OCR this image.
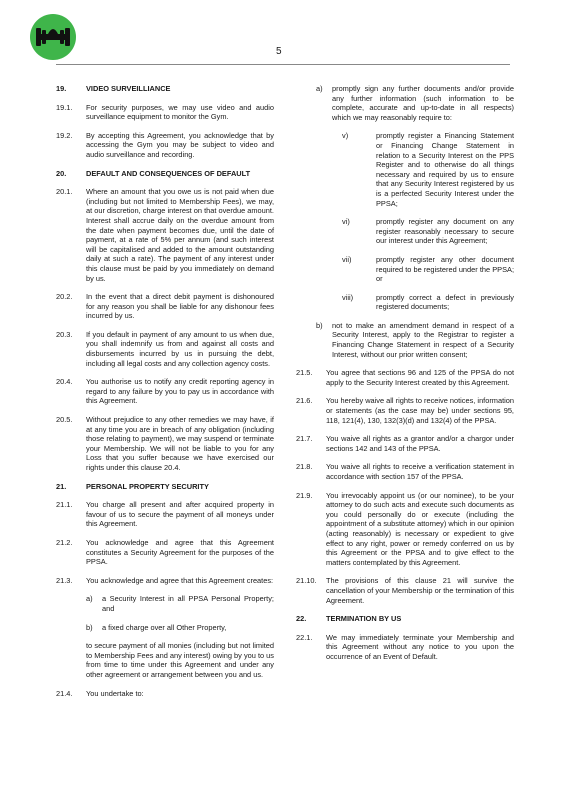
5
19.	VIDEO SURVEILLIANCE
19.1.	For security purposes, we may use video and audio surveillance equipment to monitor the Gym.
19.2.	By accepting this Agreement, you acknowledge that by accessing the Gym you may be subject to video and audio surveillance and recording.
20.	DEFAULT AND CONSEQUENCES OF DEFAULT
20.1.	Where an amount that you owe us is not paid when due (including but not limited to Membership Fees), we may, at our discretion, charge interest on that overdue amount. Interest shall accrue daily on the overdue amount from the date when payment becomes due, until the date of payment, at a rate of 5% per annum (and such interest will be capitalised and added to the amount outstanding daily at such a rate). The payment of any interest under this clause must be paid by you immediately on demand by us.
20.2.	In the event that a direct debit payment is dishonoured for any reason you shall be liable for any dishonour fees incurred by us.
20.3.	If you default in payment of any amount to us when due, you shall indemnify us from and against all costs and disbursements incurred by us in pursuing the debt, including all legal costs and any collection agency costs.
20.4.	You authorise us to notify any credit reporting agency in regard to any failure by you to pay us in accordance with this Agreement.
20.5.	Without prejudice to any other remedies we may have, if at any time you are in breach of any obligation (including those relating to payment), we may suspend or terminate your Membership. We will not be liable to you for any Loss that you suffer because we have exercised our rights under this clause 20.4.
21.	PERSONAL PROPERTY SECURITY
21.1.	You charge all present and after acquired property in favour of us to secure the payment of all moneys under this Agreement.
21.2.	You acknowledge and agree that this Agreement constitutes a Security Agreement for the purposes of the PPSA.
21.3.	You acknowledge and agree that this Agreement creates:
a)	a Security Interest in all PPSA Personal Property; and
b)	a fixed charge over all Other Property,
to secure payment of all monies (including but not limited to Membership Fees and any interest) owing by you to us from time to time under this Agreement and under any other agreement or arrangement between you and us.
21.4.	You undertake to:
a)	promptly sign any further documents and/or provide any further information (such information to be complete, accurate and up-to-date in all respects) which we may reasonably require to:
v)	promptly register a Financing Statement or Financing Change Statement in relation to a Security Interest on the PPS Register and to otherwise do all things necessary and required by us to ensure that any Security Interest registered by us is a perfected Security Interest under the PPSA;
vi)	promptly register any document on any register reasonably necessary to secure our interest under this Agreement;
vii)	promptly register any other document required to be registered under the PPSA; or
viii)	promptly correct a defect in previously registered documents;
b)	not to make an amendment demand in respect of a Security Interest, apply to the Registrar to register a Financing Change Statement in respect of a Security Interest, without our prior written consent;
21.5.	You agree that sections 96 and 125 of the PPSA do not apply to the Security Interest created by this Agreement.
21.6.	You hereby waive all rights to receive notices, information or statements (as the case may be) under sections 95, 118, 121(4), 130, 132(3)(d) and 132(4) of the PPSA.
21.7.	You waive all rights as a grantor and/or a chargor under sections 142 and 143 of the PPSA.
21.8.	You waive all rights to receive a verification statement in accordance with section 157 of the PPSA.
21.9.	You irrevocably appoint us (or our nominee), to be your attorney to do such acts and execute such documents as you could personally do or execute (including the appointment of a substitute attorney) which in our opinion (acting reasonably) is necessary or expedient to give effect to any right, power or remedy conferred on us by this Agreement or the PPSA and to give effect to the matters contemplated by this Agreement.
21.10.	The provisions of this clause 21 will survive the cancellation of your Membership or the termination of this Agreement.
22.	TERMINATION BY US
22.1.	We may immediately terminate your Membership and this Agreement without any notice to you upon the occurrence of an Event of Default.
